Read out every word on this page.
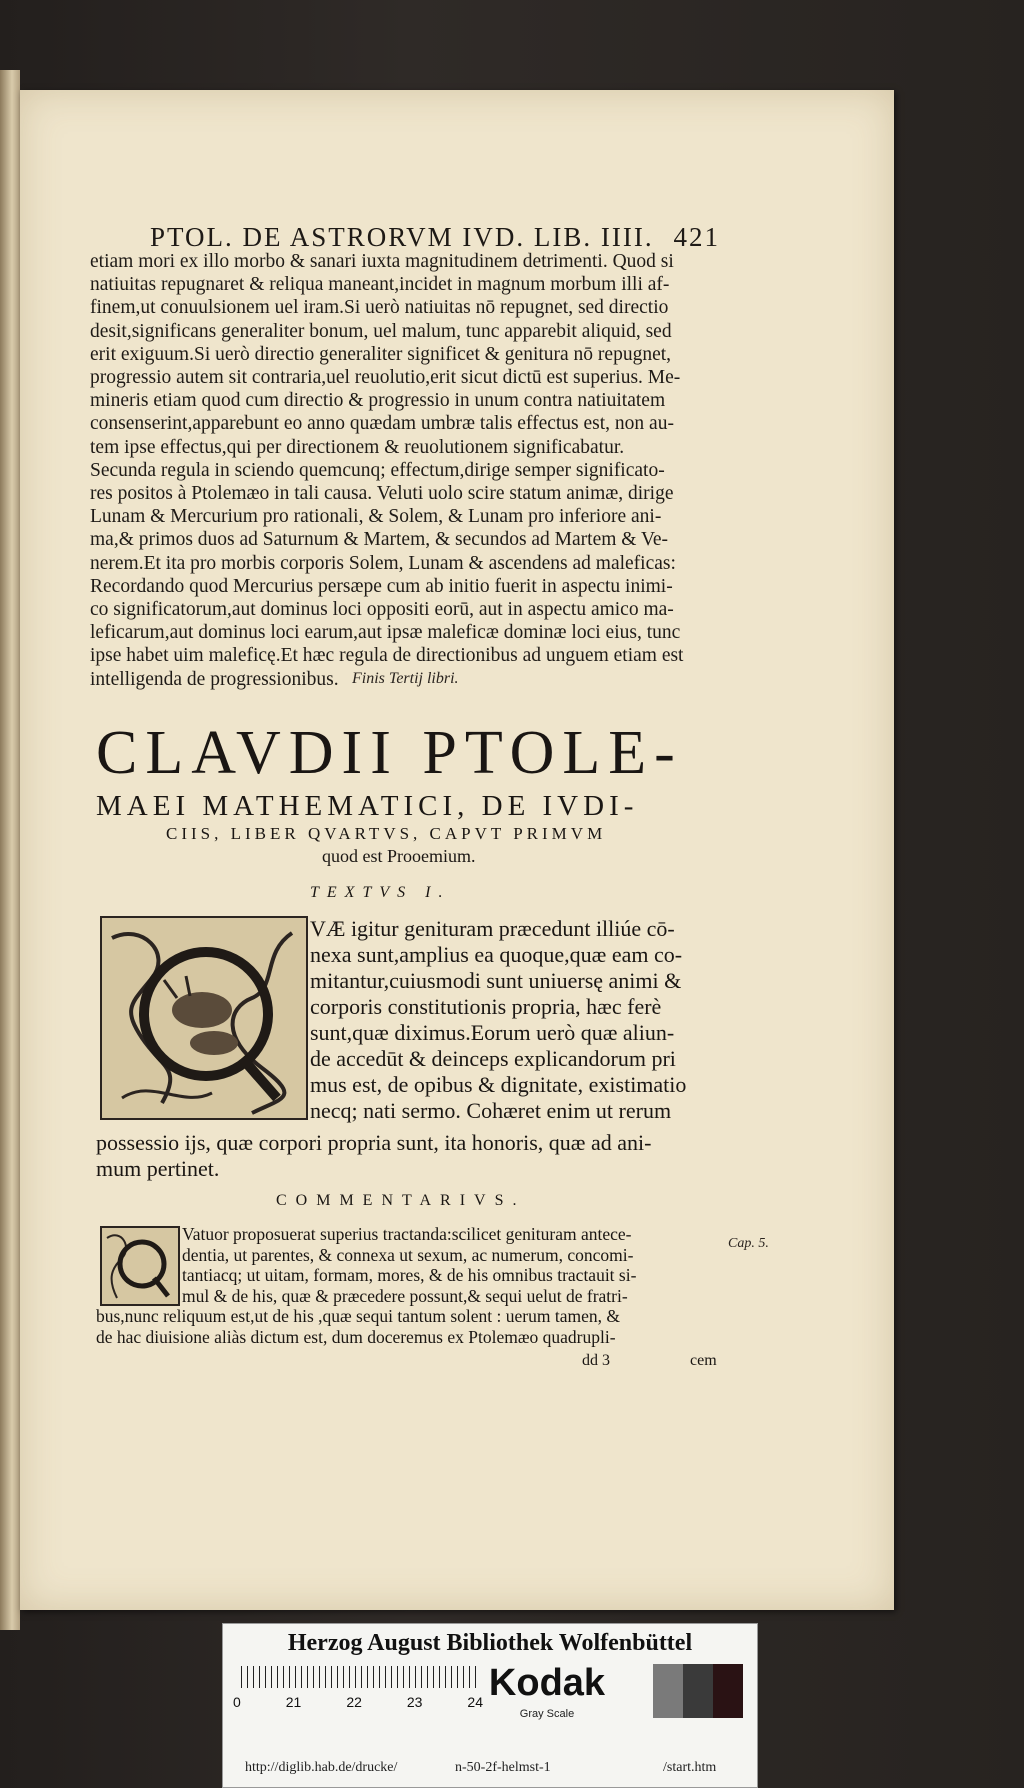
PTOL. DE ASTRORVM IVD. LIB. IIII. 421
etiam mori ex illo morbo & sanari iuxta magnitudinem detrimenti. Quod si
natiuitas repugnaret & reliqua maneant,incidet in magnum morbum illi af-
finem,ut conuulsionem uel iram.Si uerò natiuitas nō repugnet, sed directio
desit,significans generaliter bonum, uel malum, tunc apparebit aliquid, sed
erit exiguum.Si uerò directio generaliter significet & genitura nō repugnet,
progressio autem sit contraria,uel reuolutio,erit sicut dictū est superius. Me-
mineris etiam quod cum directio & progressio in unum contra natiuitatem
consenserint,apparebunt eo anno quædam umbræ talis effectus est, non au-
tem ipse effectus,qui per directionem & reuolutionem significabatur.
Secunda regula in sciendo quemcunq; effectum,dirige semper significato-
res positos à Ptolemæo in tali causa. Veluti uolo scire statum animæ, dirige
Lunam & Mercurium pro rationali, & Solem, & Lunam pro inferiore ani-
ma,& primos duos ad Saturnum & Martem, & secundos ad Martem & Ve-
nerem.Et ita pro morbis corporis Solem, Lunam & ascendens ad maleficas:
Recordando quod Mercurius persæpe cum ab initio fuerit in aspectu inimi-
co significatorum,aut dominus loci oppositi eorū, aut in aspectu amico ma-
leficarum,aut dominus loci earum,aut ipsæ maleficæ dominæ loci eius, tunc
ipse habet uim maleficę.Et hæc regula de directionibus ad unguem etiam est
intelligenda de progressionibus. Finis Tertij libri.
CLAVDII PTOLE-
MAEI MATHEMATICI, DE IVDI-
CIIS, LIBER QVARTVS, CAPVT PRIMVM
quod est Prooemium.
TEXTVS I.
VÆ igitur genituram præcedunt illiúe cō-
nexa sunt,amplius ea quoque,quæ eam co-
mitantur,cuiusmodi sunt uniuersę animi &
corporis constitutionis propria, hæc ferè
sunt,quæ diximus.Eorum uerò quæ aliun-
de accedūt & deinceps explicandorum pri
mus est, de opibus & dignitate, existimatio
necq; nati sermo. Cohæret enim ut rerum
possessio ijs, quæ corpori propria sunt, ita honoris, quæ ad ani-
mum pertinet.
COMMENTARIVS.
Vatuor proposuerat superius tractanda:scilicet genituram antece-
dentia, ut parentes, & connexa ut sexum, ac numerum, concomi-
tantiacq; ut uitam, formam, mores, & de his omnibus tractauit si-
mul & de his, quæ & præcedere possunt,& sequi uelut de fratri-
bus,nunc reliquum est,ut de his ,quæ sequi tantum solent : uerum tamen, &
de hac diuisione aliàs dictum est, dum doceremus ex Ptolemæo quadrupli-
Cap. 5.
dd 3	cem
Herzog August Bibliothek Wolfenbüttel
0	21	22	23	24 Kodak
Gray Scale
http://diglib.hab.de/drucke/	n-50-2f-helmst-1	/start.htm
